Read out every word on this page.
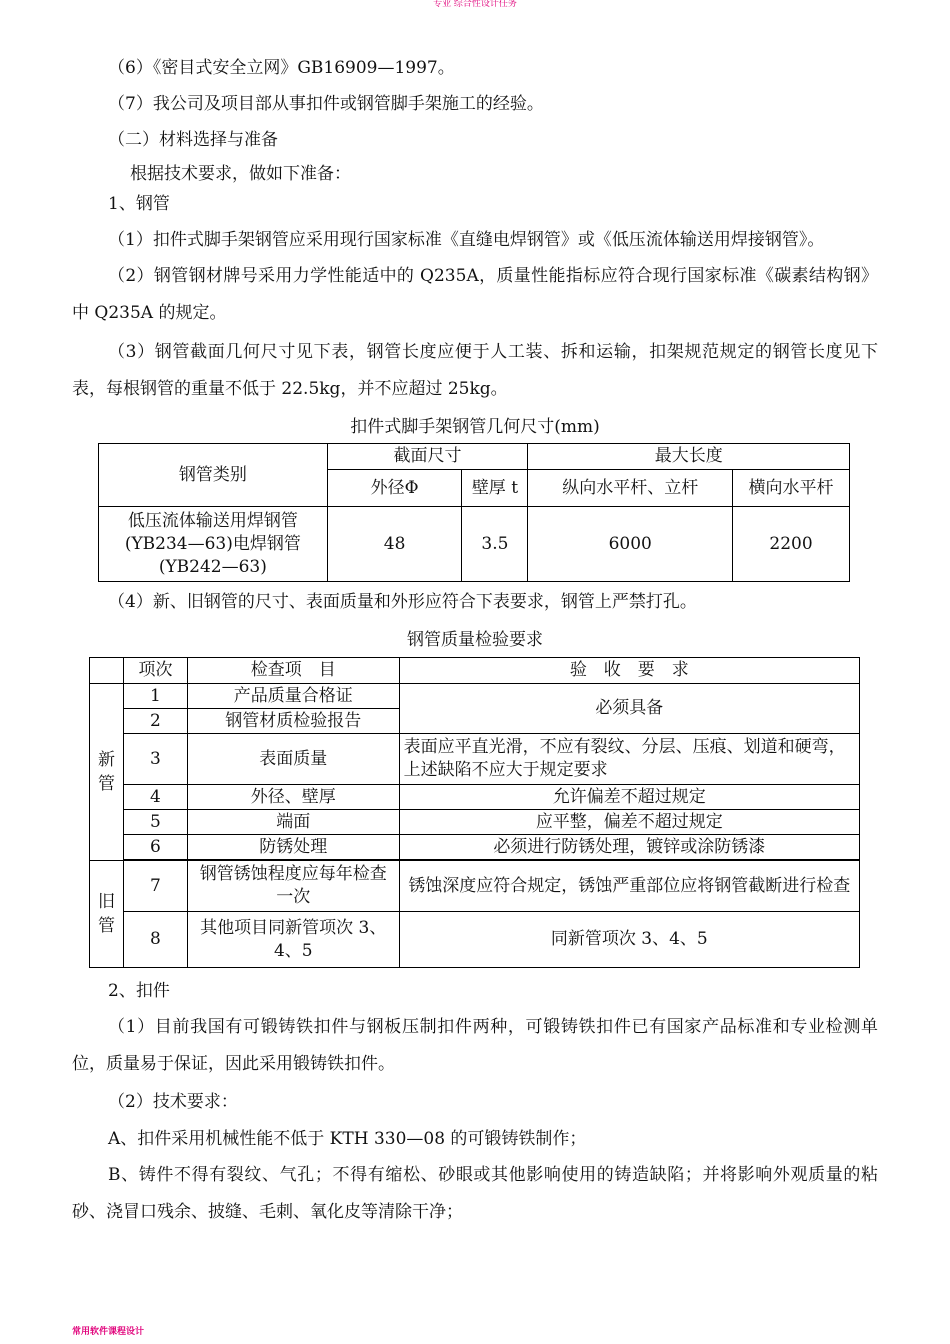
专业 综合性设计任务
（6）《密目式安全立网》GB16909—1997。
（7）我公司及项目部从事扣件或钢管脚手架施工的经验。
（二）材料选择与准备
根据技术要求，做如下准备：
1、钢管
（1）扣件式脚手架钢管应采用现行国家标准《直缝电焊钢管》或《低压流体输送用焊接钢管》。
（2）钢管钢材牌号采用力学性能适中的 Q235A，质量性能指标应符合现行国家标准《碳素结构钢》中 Q235A 的规定。
（3）钢管截面几何尺寸见下表，钢管长度应便于人工装、拆和运输，扣架规范规定的钢管长度见下表，每根钢管的重量不低于 22.5kg，并不应超过 25kg。
扣件式脚手架钢管几何尺寸(mm)
钢管类别	截面尺寸		最大长度	
	外径Φ	壁厚 t	纵向水平杆、立杆	横向水平杆

低压流体输送用焊钢管
(YB234—63)电焊钢管
(YB242—63)	48	3.5	6000	2200
（4）新、旧钢管的尺寸、表面质量和外形应符合下表要求，钢管上严禁打孔。
钢管质量检验要求
	项次	检查项　目	验　收　要　求
新管	1	产品质量合格证	必须具备
	2	钢管材质检验报告	
	3	表面质量	表面应平直光滑，不应有裂纹、分层、压痕、划道和硬弯，上述缺陷不应大于规定要求
	4	外径、壁厚	允许偏差不超过规定
	5	端面	应平整，偏差不超过规定
	6	防锈处理	必须进行防锈处理，镀锌或涂防锈漆

旧管	7	钢管锈蚀程度应每年检查一次	锈蚀深度应符合规定，锈蚀严重部位应将钢管截断进行检查
	8	其他项目同新管项次 3、4、5	同新管项次 3、4、5
2、扣件
（1）目前我国有可锻铸铁扣件与钢板压制扣件两种，可锻铸铁扣件已有国家产品标准和专业检测单位，质量易于保证，因此采用锻铸铁扣件。
（2）技术要求：
A、扣件采用机械性能不低于 KTH 330—08 的可锻铸铁制作；
B、铸件不得有裂纹、气孔；不得有缩松、砂眼或其他影响使用的铸造缺陷；并将影响外观质量的粘砂、浇冒口残余、披缝、毛刺、氧化皮等清除干净；
常用软件课程设计
